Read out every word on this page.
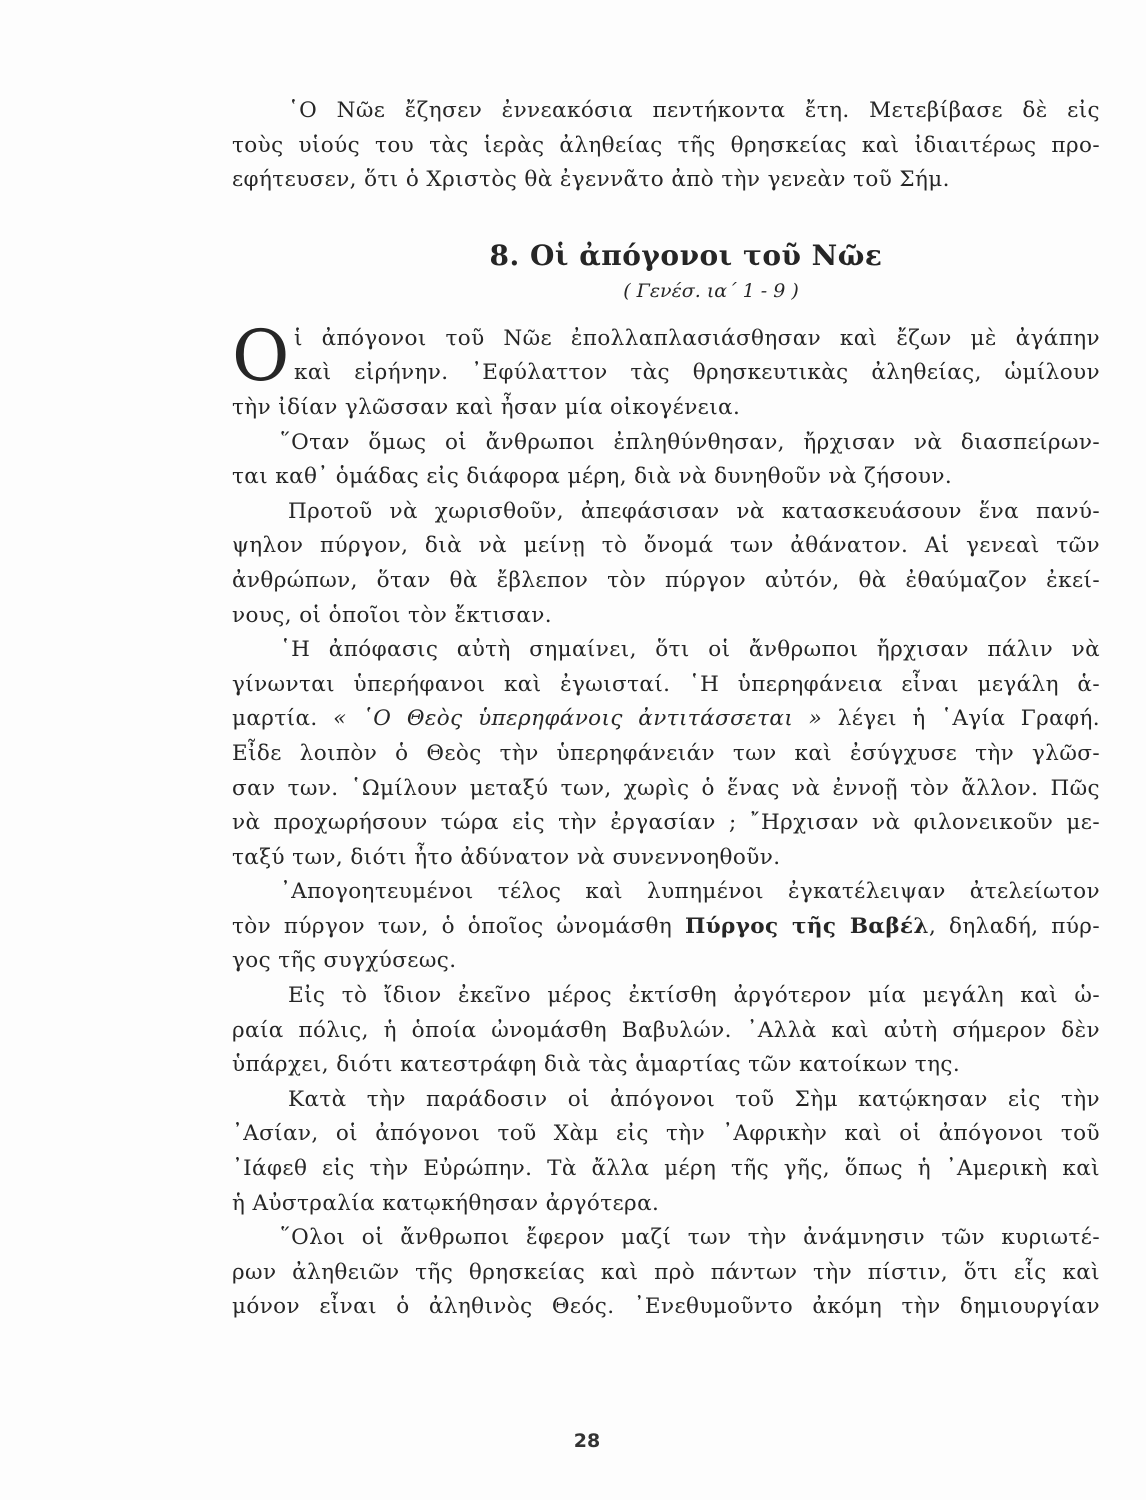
῾Ο Νῶε ἔζησεν ἐννεακόσια πεντήκοντα ἔτη. Μετεβίβασε δὲ εἰς
τοὺς υἱούς του τὰς ἱερὰς ἀληθείας τῆς θρησκείας καὶ ἰδιαιτέρως προ-
εφήτευσεν, ὅτι ὁ Χριστὸς θὰ ἐγεννᾶτο ἀπὸ τὴν γενεὰν τοῦ Σήμ.
8. Οἱ ἀπόγονοι τοῦ Νῶε
( Γενέσ. ια΄ 1 - 9 )
Ο ἱ ἀπόγονοι τοῦ Νῶε ἐπολλαπλασιάσθησαν καὶ ἔζων μὲ ἀγάπην
καὶ εἰρήνην. ᾿Εφύλαττον τὰς θρησκευτικὰς ἀληθείας, ὡμίλουν
τὴν ἰδίαν γλῶσσαν καὶ ἦσαν μία οἰκογένεια.
῞Οταν ὅμως οἱ ἄνθρωποι ἐπληθύνθησαν, ἤρχισαν νὰ διασπείρων-
ται καθ᾿ ὁμάδας εἰς διάφορα μέρη, διὰ νὰ δυνηθοῦν νὰ ζήσουν.
Προτοῦ νὰ χωρισθοῦν, ἀπεφάσισαν νὰ κατασκευάσουν ἕνα πανύ-
ψηλον πύργον, διὰ νὰ μείνῃ τὸ ὄνομά των ἀθάνατον. Αἱ γενεαὶ τῶν
ἀνθρώπων, ὅταν θὰ ἔβλεπον τὸν πύργον αὐτόν, θὰ ἐθαύμαζον ἐκεί-
νους, οἱ ὁποῖοι τὸν ἔκτισαν.
῾Η ἀπόφασις αὐτὴ σημαίνει, ὅτι οἱ ἄνθρωποι ἤρχισαν πάλιν νὰ
γίνωνται ὑπερήφανοι καὶ ἐγωισταί. ῾Η ὑπερηφάνεια εἶναι μεγάλη ἁ-
μαρτία. « ῾Ο Θεὸς ὑπερηφάνοις ἀντιτάσσεται » λέγει ἡ ῾Αγία Γραφή.
Εἶδε λοιπὸν ὁ Θεὸς τὴν ὑπερηφάνειάν των καὶ ἐσύγχυσε τὴν γλῶσ-
σαν των. ῾Ωμίλουν μεταξύ των, χωρὶς ὁ ἕνας νὰ ἐννοῇ τὸν ἄλλον. Πῶς
νὰ προχωρήσουν τώρα εἰς τὴν ἐργασίαν ; ῎Ηρχισαν νὰ φιλονεικοῦν με-
ταξύ των, διότι ἦτο ἀδύνατον νὰ συνεννοηθοῦν.
᾿Απογοητευμένοι τέλος καὶ λυπημένοι ἐγκατέλειψαν ἀτελείωτον
τὸν πύργον των, ὁ ὁποῖος ὠνομάσθη Πύργος τῆς Βαβέλ, δηλαδή, πύρ-
γος τῆς συγχύσεως.
Εἰς τὸ ἴδιον ἐκεῖνο μέρος ἐκτίσθη ἀργότερον μία μεγάλη καὶ ὡ-
ραία πόλις, ἡ ὁποία ὠνομάσθη Βαβυλών. ᾿Αλλὰ καὶ αὐτὴ σήμερον δὲν
ὑπάρχει, διότι κατεστράφη διὰ τὰς ἁμαρτίας τῶν κατοίκων της.
Κατὰ τὴν παράδοσιν οἱ ἀπόγονοι τοῦ Σὴμ κατῴκησαν εἰς τὴν
᾿Ασίαν, οἱ ἀπόγονοι τοῦ Χὰμ εἰς τὴν ᾿Αφρικὴν καὶ οἱ ἀπόγονοι τοῦ
᾿Ιάφεθ εἰς τὴν Εὐρώπην. Τὰ ἄλλα μέρη τῆς γῆς, ὅπως ἡ ᾿Αμερικὴ καὶ
ἡ Αὐστραλία κατῳκήθησαν ἀργότερα.
῞Ολοι οἱ ἄνθρωποι ἔφερον μαζί των τὴν ἀνάμνησιν τῶν κυριωτέ-
ρων ἀληθειῶν τῆς θρησκείας καὶ πρὸ πάντων τὴν πίστιν, ὅτι εἷς καὶ
μόνον εἶναι ὁ ἀληθινὸς Θεός. ᾿Ενεθυμοῦντο ἀκόμη τὴν δημιουργίαν
28
